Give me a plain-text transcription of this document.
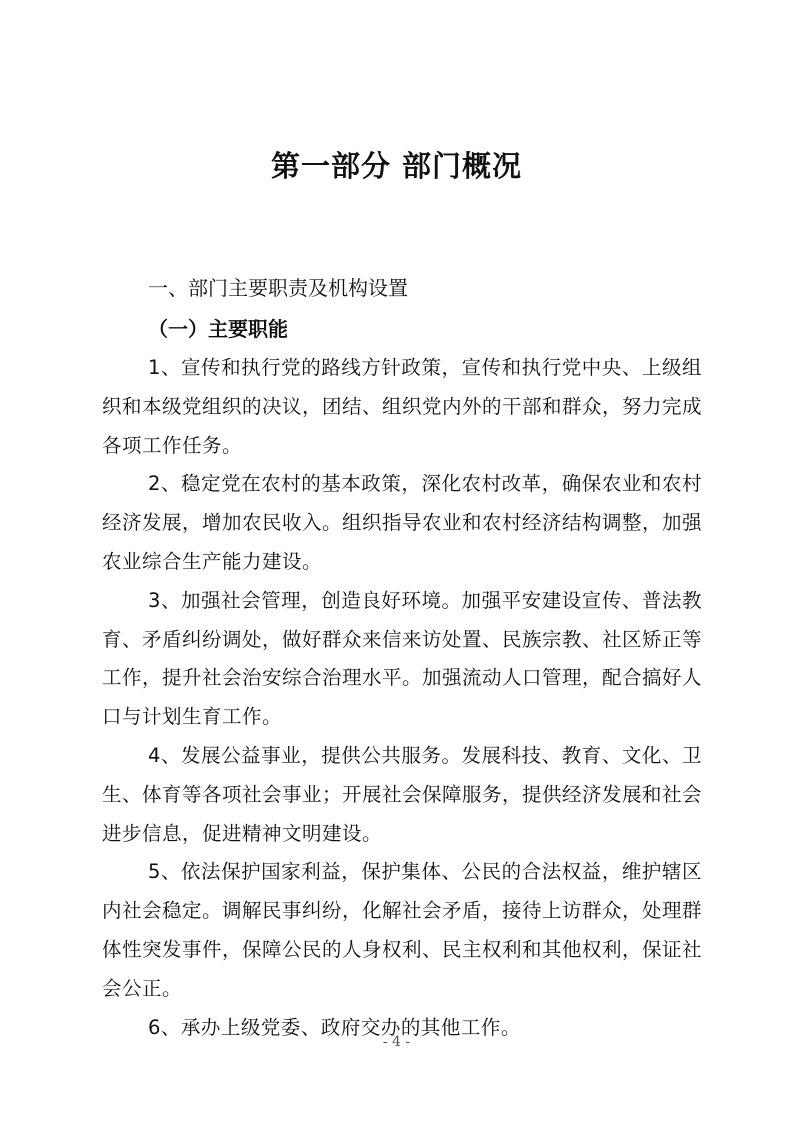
第一部分 部门概况
一、部门主要职责及机构设置
（一）主要职能

1、宣传和执行党的路线方针政策，宣传和执行党中央、上级组织和本级党组织的决议，团结、组织党内外的干部和群众，努力完成各项工作任务。

2、稳定党在农村的基本政策，深化农村改革，确保农业和农村经济发展，增加农民收入。组织指导农业和农村经济结构调整，加强农业综合生产能力建设。

3、加强社会管理，创造良好环境。加强平安建设宣传、普法教育、矛盾纠纷调处，做好群众来信来访处置、民族宗教、社区矫正等工作，提升社会治安综合治理水平。加强流动人口管理，配合搞好人口与计划生育工作。

4、发展公益事业，提供公共服务。发展科技、教育、文化、卫生、体育等各项社会事业；开展社会保障服务，提供经济发展和社会进步信息，促进精神文明建设。

5、依法保护国家利益，保护集体、公民的合法权益，维护辖区内社会稳定。调解民事纠纷，化解社会矛盾，接待上访群众，处理群体性突发事件，保障公民的人身权利、民主权利和其他权利，保证社会公正。

6、承办上级党委、政府交办的其他工作。

- 4 -
